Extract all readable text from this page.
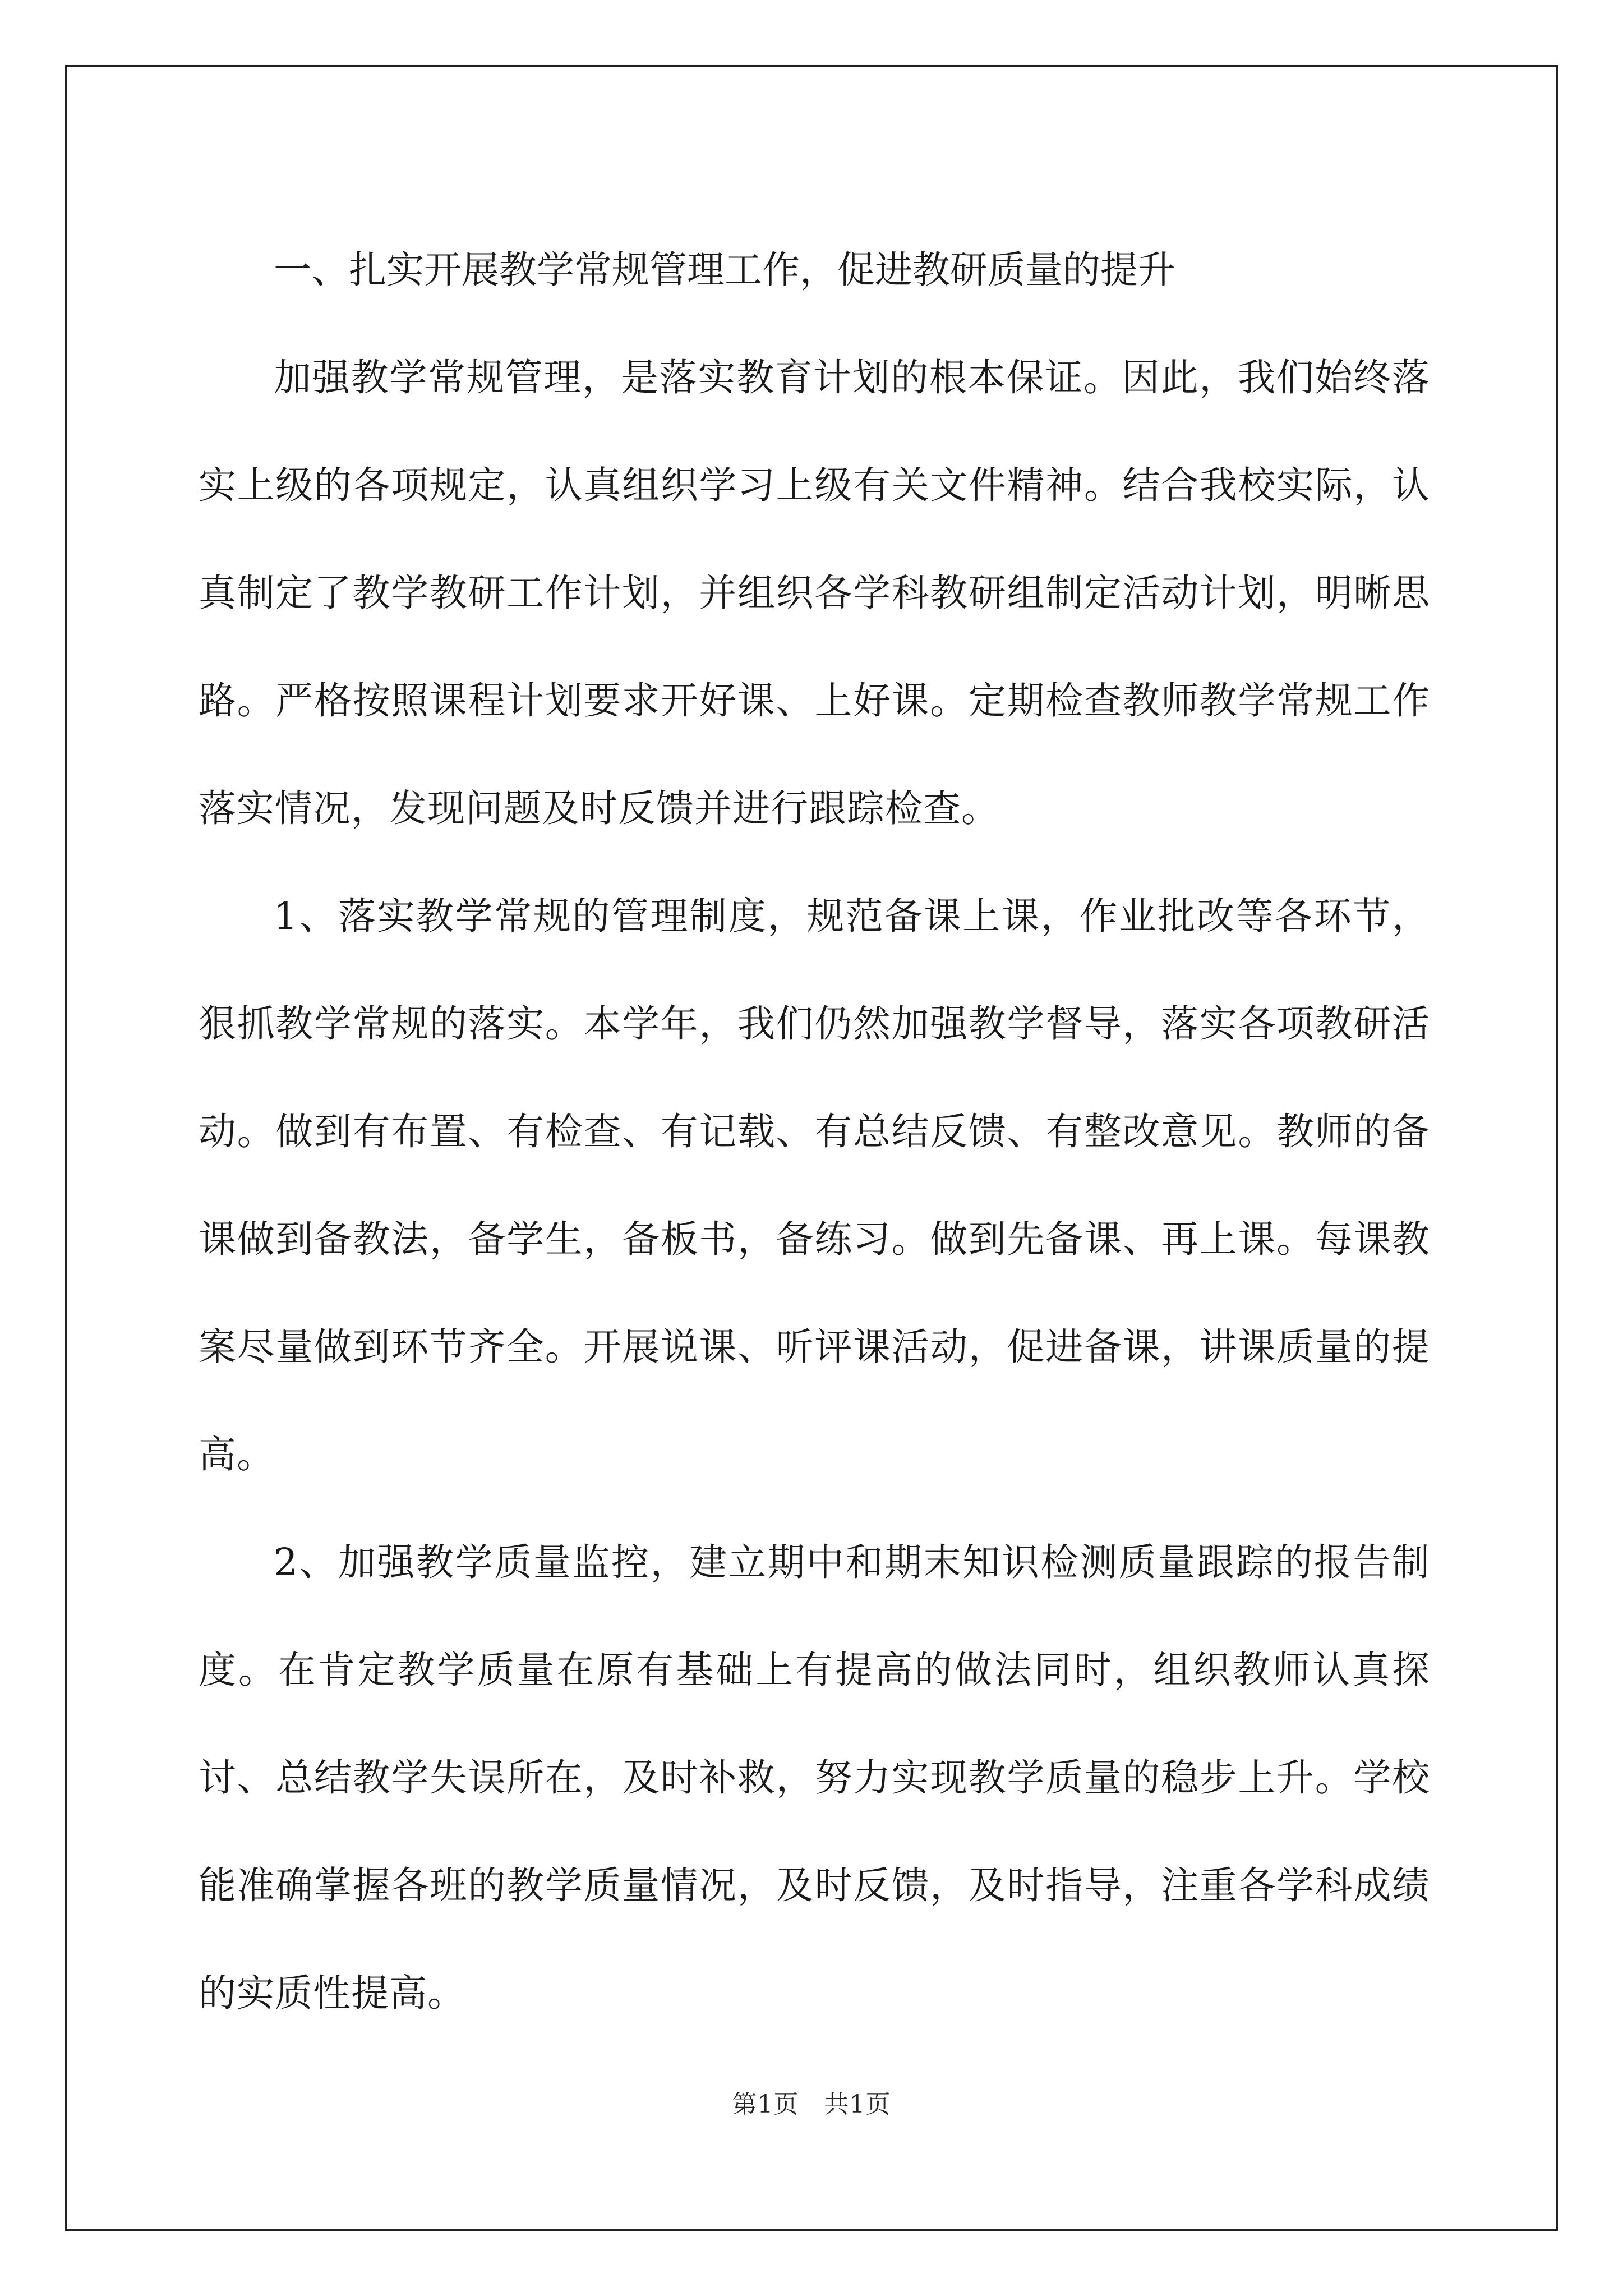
一、扎实开展教学常规管理工作，促进教研质量的提升

加强教学常规管理，是落实教育计划的根本保证。因此，我们始终落实上级的各项规定，认真组织学习上级有关文件精神。结合我校实际，认真制定了教学教研工作计划，并组织各学科教研组制定活动计划，明晰思路。严格按照课程计划要求开好课、上好课。定期检查教师教学常规工作落实情况，发现问题及时反馈并进行跟踪检查。

1、落实教学常规的管理制度，规范备课上课，作业批改等各环节，狠抓教学常规的落实。本学年，我们仍然加强教学督导，落实各项教研活动。做到有布置、有检查、有记载、有总结反馈、有整改意见。教师的备课做到备教法，备学生，备板书，备练习。做到先备课、再上课。每课教案尽量做到环节齐全。开展说课、听评课活动，促进备课，讲课质量的提高。

2、加强教学质量监控，建立期中和期末知识检测质量跟踪的报告制度。在肯定教学质量在原有基础上有提高的做法同时，组织教师认真探讨、总结教学失误所在，及时补救，努力实现教学质量的稳步上升。学校能准确掌握各班的教学质量情况，及时反馈，及时指导，注重各学科成绩的实质性提高。

第1页 共1页
